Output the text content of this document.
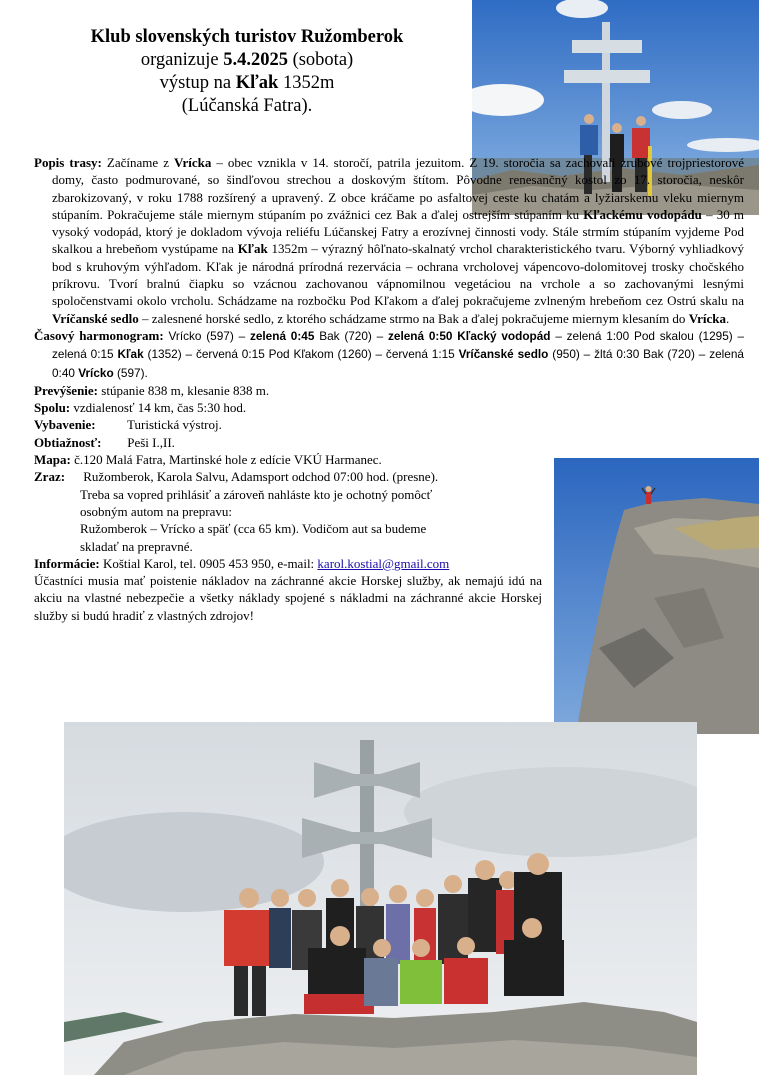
Klub slovenských turistov Ružomberok
organizuje 5.4.2025 (sobota)
výstup na Kľak 1352m
(Lúčanská Fatra).

Popis trasy: Začíname z Vrícka – obec vznikla v 14. storočí, patrila jezuitom. Z 19. storočia sa zachovali zrubové trojpriestorové domy, často podmurované, so šindľovou strechou a doskovým štítom. Pôvodne renesančný kostol zo 17. storočia, neskôr zbarokizovaný, v roku 1788 rozšírený a upravený. Z obce kráčame po asfaltovej ceste ku chatám a lyžiarskemu vleku miernym stúpaním. Pokračujeme stále miernym stúpaním po zvážnici cez Bak a ďalej ostrejším stúpaním ku Kľackému vodopádu – 30 m vysoký vodopád, ktorý je dokladom vývoja reliéfu Lúčanskej Fatry a erozívnej činnosti vody. Stále strmím stúpaním vyjdeme Pod skalkou a hrebeňom vystúpame na Kľak 1352m – výrazný hôľnato-skalnatý vrchol charakteristického tvaru. Výborný vyhliadkový bod s kruhovým výhľadom. Kľak je národná prírodná rezervácia – ochrana vrcholovej vápencovo-dolomitovej trosky chočského príkrovu. Tvorí bralnú čiapku so vzácnou zachovanou vápnomilnou vegetáciou na vrchole a so zachovanými lesnými spoločenstvami okolo vrcholu. Schádzame na rozbočku Pod Kľakom a ďalej pokračujeme zvlneným hrebeňom cez Ostrú skalu na Vríčanské sedlo – zalesnené horské sedlo, z ktorého schádzame strmo na Bak a ďalej pokračujeme miernym klesaním do Vrícka.

Časový harmonogram: Vrícko (597) – zelená 0:45 Bak (720) – zelená 0:50 Kľacký vodopád – zelená 1:00 Pod skalou (1295) – zelená 0:15 Kľak (1352) – červená 0:15 Pod Kľakom (1260) – červená 1:15 Vríčanské sedlo (950) – žltá 0:30 Bak (720) – zelená 0:40 Vrícko (597).

Prevýšenie: stúpanie 838 m, klesanie 838 m.

Spolu: vzdialenosť 14 km, čas 5:30 hod.

Vybavenie: Turistická výstroj.

Obtiažnosť: Peši I.,II.

Mapa: č.120 Malá Fatra, Martinské hole z edície VKÚ Harmanec.

Zraz: Ružomberok, Karola Salvu, Adamsport odchod 07:00 hod. (presne).

Treba sa vopred prihlásiť a zároveň nahláste kto je ochotný pomôcť

osobným autom na prepravu:

Ružomberok – Vrícko a späť (cca 65 km). Vodičom aut sa budeme

skladať na prepravné.

Informácie: Koštial Karol, tel. 0905 453 950, e-mail: karol.kostial@gmail.com

Účastníci musia mať poistenie nákladov na záchranné akcie Horskej služby, ak nemajú idú na akciu na vlastné nebezpečie a všetky náklady spojené s nákladmi na záchranné akcie Horskej služby si budú hradiť z vlastných zdrojov!
